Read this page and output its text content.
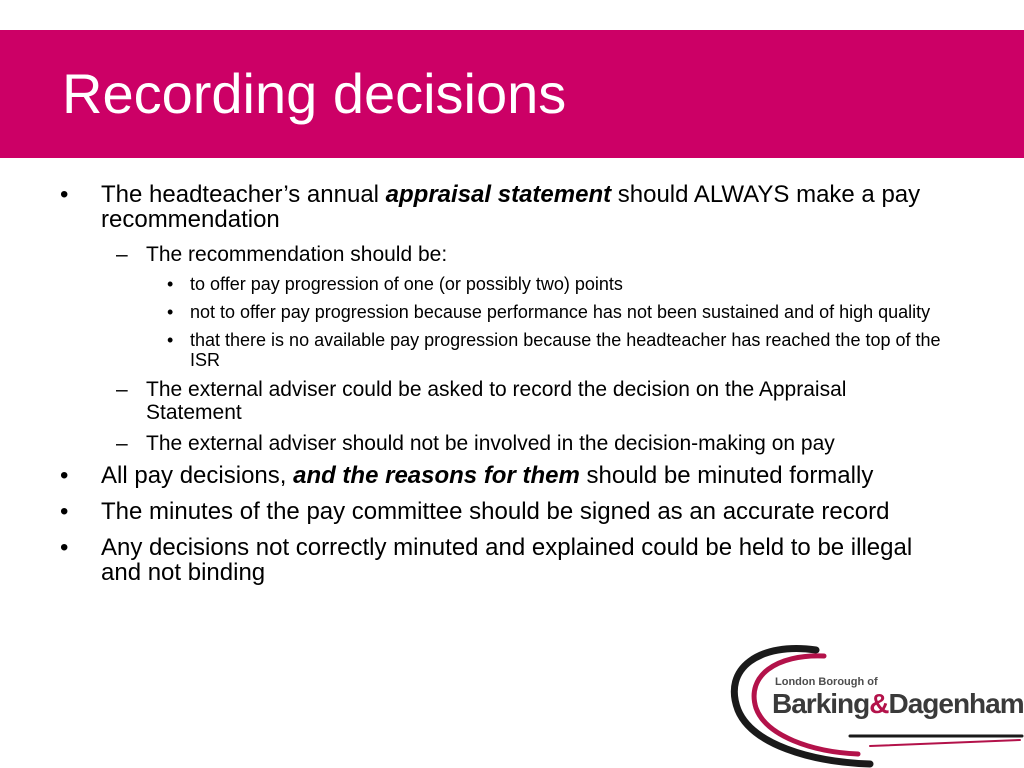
Recording decisions
• The headteacher’s annual appraisal statement should ALWAYS make a pay recommendation
– The recommendation should be:
• to offer pay progression of one (or possibly two) points
• not to offer pay progression because performance has not been sustained and of high quality
• that there is no available pay progression because the headteacher has reached the top of the ISR
– The external adviser could be asked to record the decision on the Appraisal Statement
– The external adviser should not be involved in the decision-making on pay
• All pay decisions, and the reasons for them should be minuted formally
• The minutes of the pay committee should be signed as an accurate record
• Any decisions not correctly minuted and explained could be held to be illegal and not binding
London Borough of
Barking&Dagenham
